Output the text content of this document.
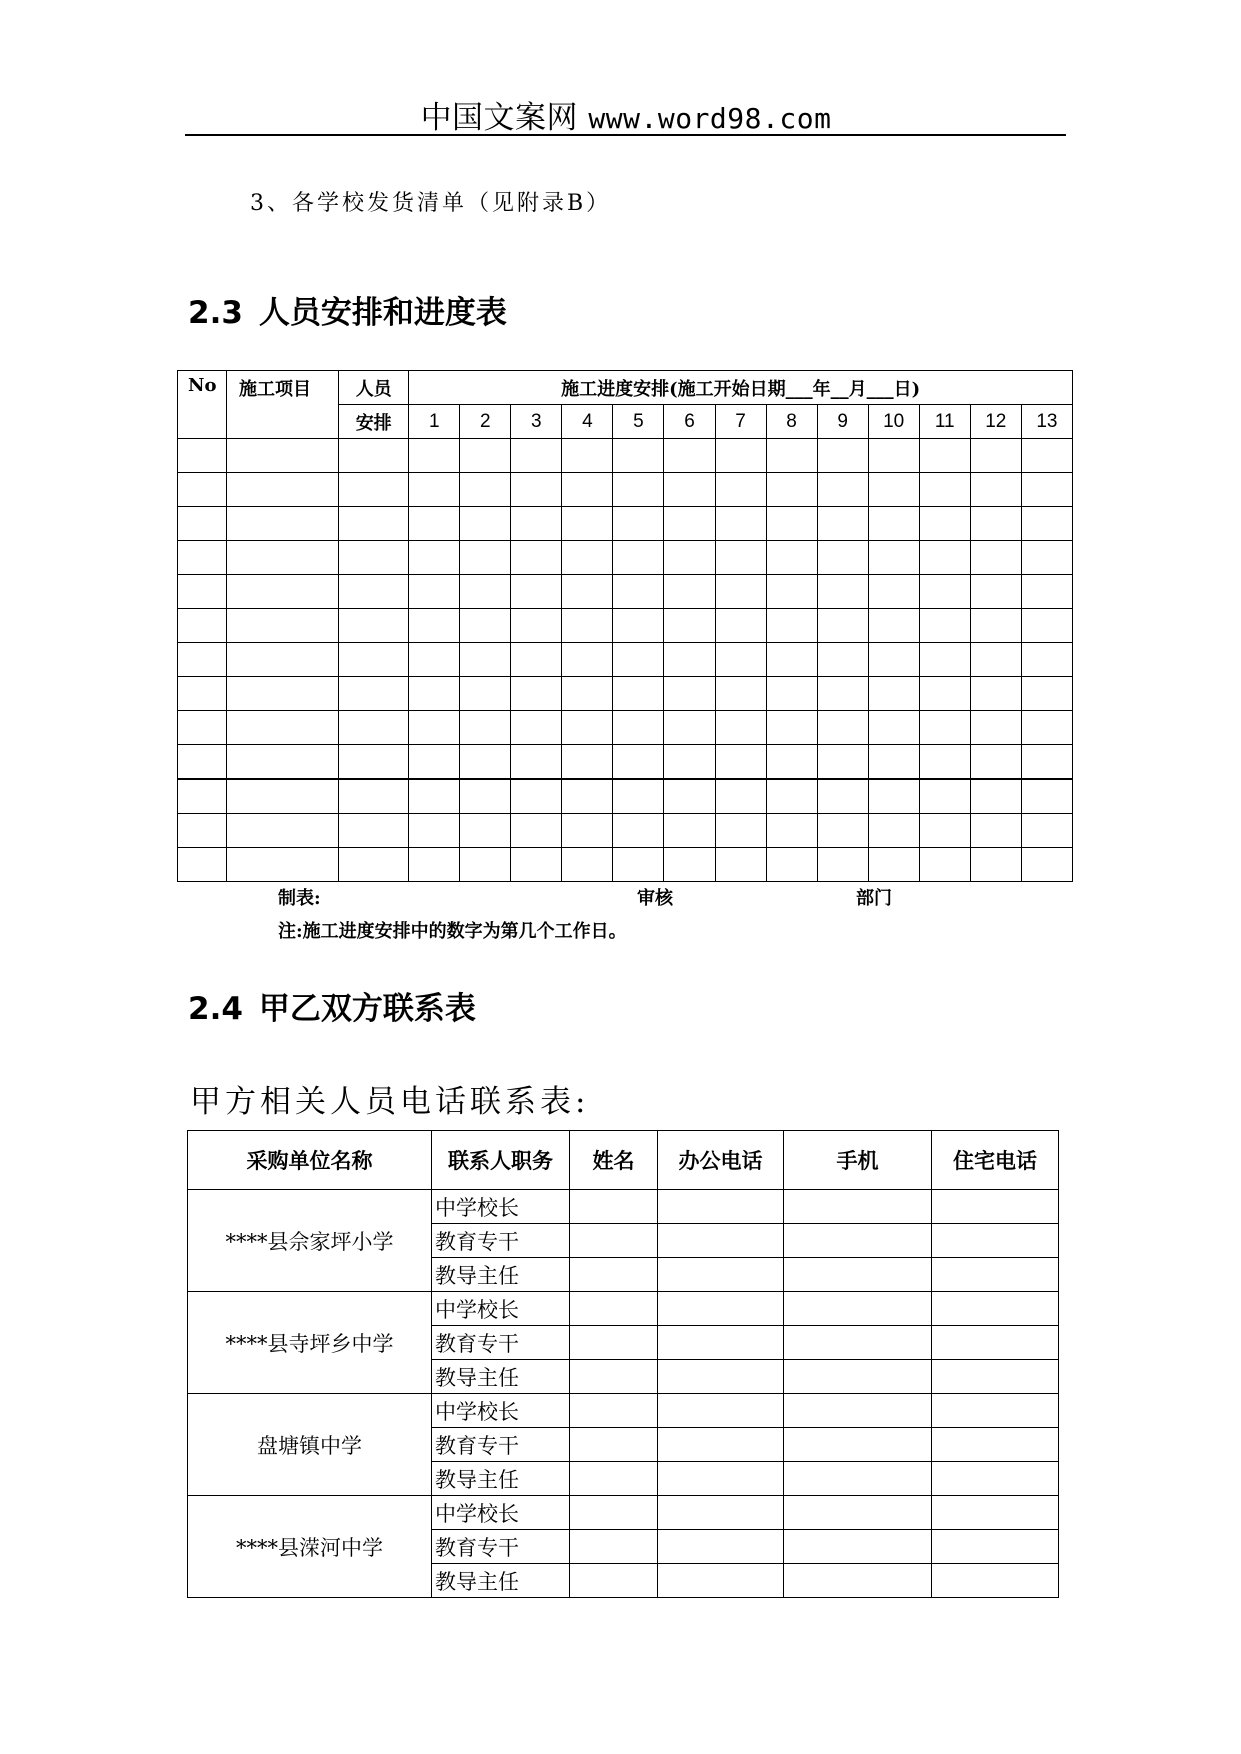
中国文案网 www.word98.com
3、各学校发货清单（见附录B）
2.3 人员安排和进度表
No	施工项目	人员	施工进度安排(施工开始日期___年__月___日)												
		安排	1	2	3	4	5	6	7	8	9	10	11	12	13

制表:	审核	部门
注:施工进度安排中的数字为第几个工作日。
2.4 甲乙双方联系表
甲方相关人员电话联系表:
采购单位名称	联系人职务	姓名	办公电话	手机	住宅电话
****县佘家坪小学	中学校长				
	教育专干				
	教导主任				
****县寺坪乡中学	中学校长				
	教育专干				
	教导主任				
盘塘镇中学	中学校长				
	教育专干				
	教导主任				
****县溁河中学	中学校长				
	教育专干				
	教导主任				
